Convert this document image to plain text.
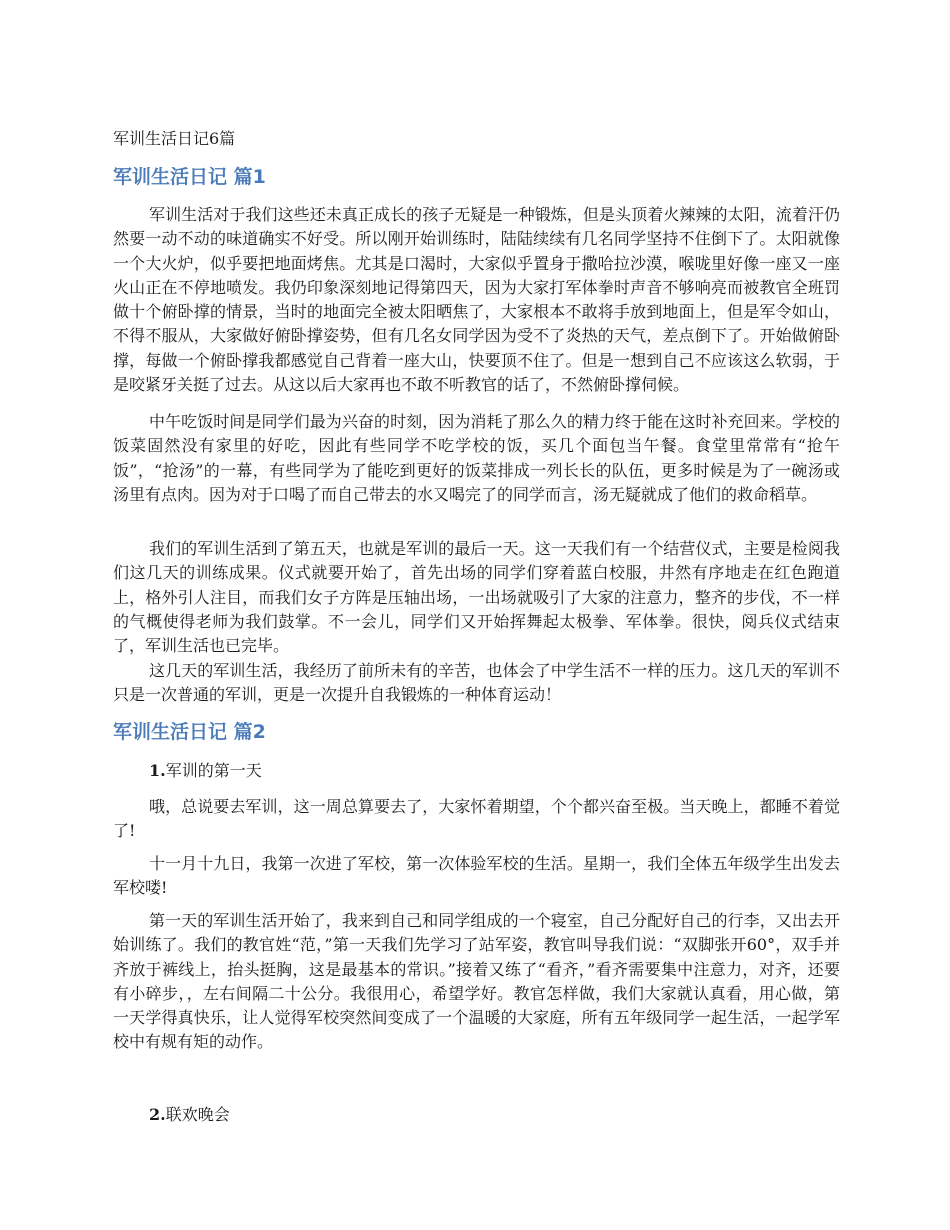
军训生活日记6篇
军训生活日记 篇1

军训生活对于我们这些还未真正成长的孩子无疑是一种锻炼，但是头顶着火辣辣的太阳，流着汗仍然要一动不动的味道确实不好受。所以刚开始训练时，陆陆续续有几名同学坚持不住倒下了。太阳就像一个大火炉，似乎要把地面烤焦。尤其是口渴时，大家似乎置身于撒哈拉沙漠，喉咙里好像一座又一座火山正在不停地喷发。我仍印象深刻地记得第四天，因为大家打军体拳时声音不够响亮而被教官全班罚做十个俯卧撑的情景，当时的地面完全被太阳晒焦了，大家根本不敢将手放到地面上，但是军令如山，不得不服从，大家做好俯卧撑姿势，但有几名女同学因为受不了炎热的天气，差点倒下了。开始做俯卧撑，每做一个俯卧撑我都感觉自己背着一座大山，快要顶不住了。但是一想到自己不应该这么软弱，于是咬紧牙关挺了过去。从这以后大家再也不敢不听教官的话了，不然俯卧撑伺候。

中午吃饭时间是同学们最为兴奋的时刻，因为消耗了那么久的精力终于能在这时补充回来。学校的饭菜固然没有家里的好吃，因此有些同学不吃学校的饭，买几个面包当午餐。食堂里常常有“抢午饭”，“抢汤”的一幕，有些同学为了能吃到更好的饭菜排成一列长长的队伍，更多时候是为了一碗汤或汤里有点肉。因为对于口喝了而自己带去的水又喝完了的同学而言，汤无疑就成了他们的救命稻草。

我们的军训生活到了第五天，也就是军训的最后一天。这一天我们有一个结营仪式，主要是检阅我们这几天的训练成果。仪式就要开始了，首先出场的同学们穿着蓝白校服，井然有序地走在红色跑道上，格外引人注目，而我们女子方阵是压轴出场，一出场就吸引了大家的注意力，整齐的步伐，不一样的气概使得老师为我们鼓掌。不一会儿，同学们又开始挥舞起太极拳、军体拳。很快，阅兵仪式结束了，军训生活也已完毕。

这几天的军训生活，我经历了前所未有的辛苦，也体会了中学生活不一样的压力。这几天的军训不只是一次普通的军训，更是一次提升自我锻炼的一种体育运动！

军训生活日记 篇2
1.军训的第一天

哦，总说要去军训，这一周总算要去了，大家怀着期望，个个都兴奋至极。当天晚上，都睡不着觉了!

十一月十九日，我第一次进了军校，第一次体验军校的生活。星期一，我们全体五年级学生出发去军校喽!

第一天的军训生活开始了，我来到自己和同学组成的一个寝室，自己分配好自己的行李，又出去开始训练了。我们的教官姓“范，”第一天我们先学习了站军姿，教官叫导我们说：“双脚张开60°，双手并齐放于裤线上，抬头挺胸，这是最基本的常识。”接着又练了“看齐，”看齐需要集中注意力，对齐，还要有小碎步，，左右间隔二十公分。我很用心，希望学好。教官怎样做，我们大家就认真看，用心做，第一天学得真快乐，让人觉得军校突然间变成了一个温暖的大家庭，所有五年级同学一起生活，一起学军校中有规有矩的动作。

2.联欢晚会
